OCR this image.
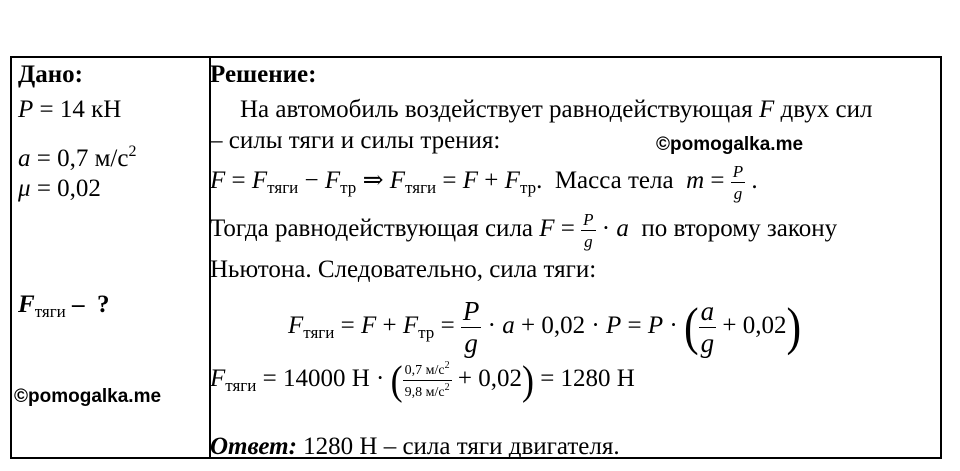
Дано:
P = 14 кН
a = 0,7 $м/с^2$
μ = 0,02
$F_{тяги}$ –  ?
©pomogalka.me
Решение:
На автомобиль воздействует равнодействующая F двух сил
– силы тяги и силы трения:	©pomogalka.me
$F = F_{тяги} - F_{тр}$ ⇒ $F_{тяги} = F + F_{тр}$.  Масса тела  $m = \frac{P}{g}$ .
Тогда равнодействующая сила $F = \frac{P}{g} \cdot a$  по второму закону
Ньютона. Следовательно, сила тяги:
$F_{тяги} = F + F_{тр} = \frac{P}{g} \cdot a + 0,02 \cdot P = P$ · ( $\frac{a}{g} + 0,02$)
$F_{тяги} = 14000$ Н · ( $\frac{0,7 м/с^2}{9,8 м/с^2} + 0,02) = 1280$ Н
Ответ: 1280 Н – сила тяги двигателя.
